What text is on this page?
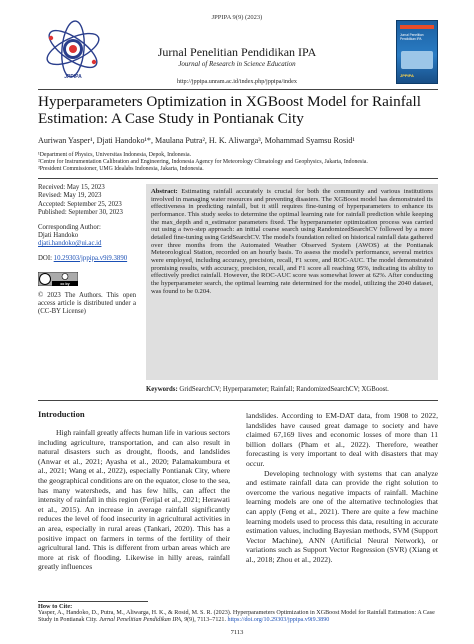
JPPIPA 9(9) (2023)
JPPIPA
Jurnal Penelitian Pendidikan IPA
Journal of Research in Science Education
http://jppipa.unram.ac.id/index.php/jppipa/index
Jurnal Penelitian Pendidikan IPA
JPPIPA
Hyperparameters Optimization in XGBoost Model for Rainfall Estimation: A Case Study in Pontianak City
Auriwan Yasper¹, Djati Handoko¹*, Maulana Putra², H. K. Aliwarga³, Mohammad Syamsu Rosid¹
¹Department of Physics, Universitas Indonesia, Depok, Indonesia.
²Centre for Instrumentation Calibration and Engineering, Indonesia Agency for Meteorology Climatology and Geophysics, Jakarta, Indonesia.
³President Commissioner, UMG Idealabs Indonesia, Jakarta, Indonesia.
Received: May 15, 2023
Revised: May 19, 2023
Accepted: September 25, 2023
Published: September 30, 2023
Corresponding Author:
Djati Handoko
djati.handoko@ui.ac.id
DOI: 10.29303/jppipa.v9i9.3890
cc by
© 2023 The Authors. This open access article is distributed under a (CC-BY License)
Abstract: Estimating rainfall accurately is crucial for both the community and various institutions involved in managing water resources and preventing disasters. The XGBoost model has demonstrated its effectiveness in predicting rainfall, but it still requires fine-tuning of hyperparameters to enhance its performance. This study seeks to determine the optimal learning rate for rainfall prediction while keeping the max_depth and n_estimator parameters fixed. The hyperparameter optimization process was carried out using a two-step approach: an initial coarse search using RandomizedSearchCV followed by a more detailed fine-tuning using GridSearchCV. The model's foundation relied on historical rainfall data gathered over three months from the Automated Weather Observed System (AWOS) at the Pontianak Meteorological Station, recorded on an hourly basis. To assess the model's performance, several metrics were employed, including accuracy, precision, recall, F1 score, and ROC-AUC. The model demonstrated promising results, with accuracy, precision, recall, and F1 score all reaching 95%, indicating its ability to effectively predict rainfall. However, the ROC-AUC score was somewhat lower at 62%. After conducting the hyperparameter search, the optimal learning rate determined for the model, utilizing the 2040 dataset, was found to be 0.204.
Keywords: GridSearchCV; Hyperparameter; Rainfall; RandomizedSearchCV; XGBoost.
Introduction

High rainfall greatly affects human life in various sectors including agriculture, transportation, and can also result in natural disasters such as drought, floods, and landslides (Anwar et al., 2021; Ayasha et al., 2020; Palamakumbura et al., 2021; Wang et al., 2022), especially Pontianak City, where the geographical conditions are on the equator, close to the sea, has many watersheds, and has few hills, can affect the intensity of rainfall in this region (Ferijal et al., 2021; Herawati et al., 2015). An increase in average rainfall significantly reduces the level of food insecurity in agricultural activities in an area, especially in rural areas (Tankari, 2020). This has a positive impact on farmers in terms of the fertility of their agricultural land. This is different from urban areas which are more at risk of flooding. Likewise in hilly areas, rainfall greatly influences

landslides. According to EM-DAT data, from 1908 to 2022, landslides have caused great damage to society and have claimed 67,169 lives and economic losses of more than 11 billion dollars (Pham et al., 2022). Therefore, weather forecasting is very important to deal with disasters that may occur.

Developing technology with systems that can analyze and estimate rainfall data can provide the right solution to overcome the various negative impacts of rainfall. Machine learning models are one of the alternative technologies that can apply (Feng et al., 2021). There are quite a few machine learning models used to process this data, resulting in accurate estimation values, including Bayesian methods, SVM (Support Vector Machine), ANN (Artificial Neural Network), or variations such as Support Vector Regression (SVR) (Xiang et al., 2018; Zhou et al., 2022).

How to Cite:
Yasper, A., Handoko, D., Putra, M., Aliwarga, H. K., & Rosid, M. S. R. (2023). Hyperparameters Optimization in XGBoost Model for Rainfall Estimation: A Case Study in Pontianak City. Jurnal Penelitian Pendidikan IPA, 9(9), 7113–7121. https://doi.org/10.29303/jppipa.v9i9.3890
7113
